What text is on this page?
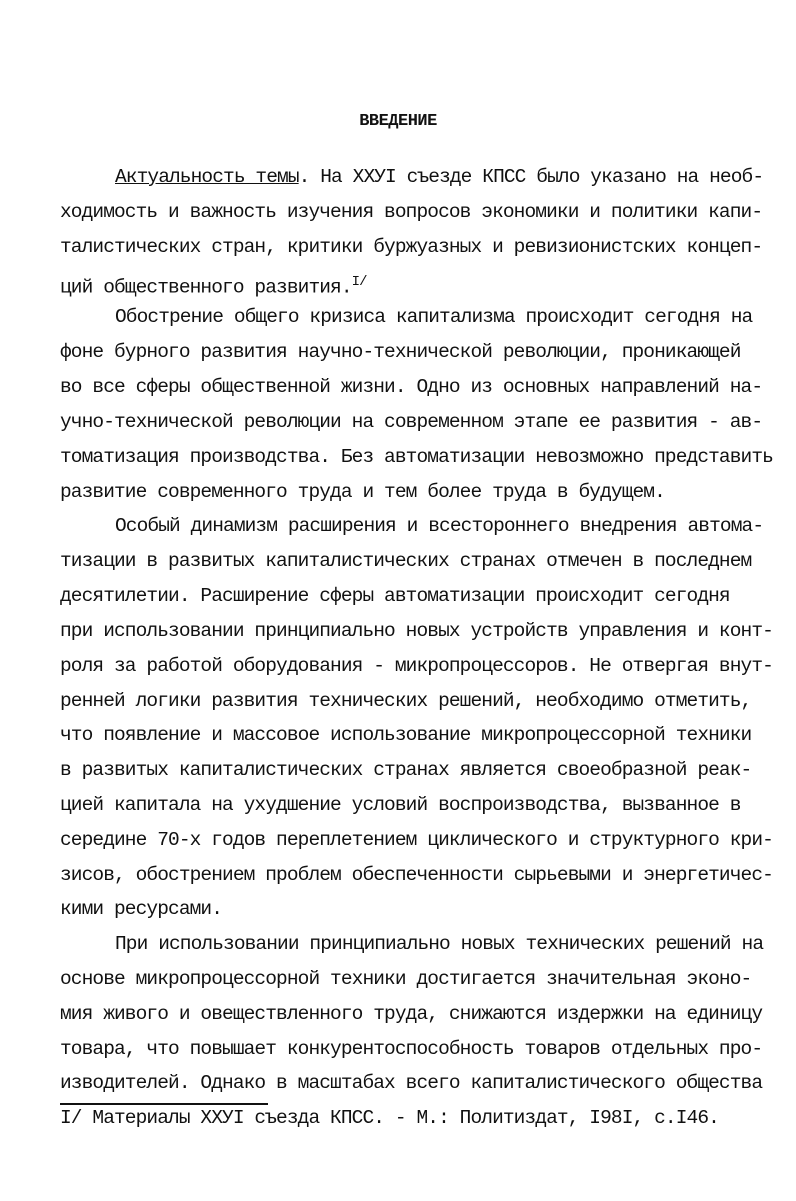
ВВЕДЕНИЕ
Актуальность темы. На ХХУI съезде КПСС было указано на необ-
ходимость и важность изучения вопросов экономики и политики капи-
талистических стран, критики буржуазных и ревизионистских концеп-
ций общественного развития.$^{I/}$
Обострение общего кризиса капитализма происходит сегодня на
фоне бурного развития научно-технической революции, проникающей
во все сферы общественной жизни. Одно из основных направлений на-
учно-технической революции на современном этапе ее развития - ав-
томатизация производства. Без автоматизации невозможно представить
развитие современного труда и тем более труда в будущем.
Особый динамизм расширения и всестороннего внедрения автома-
тизации в развитых капиталистических странах отмечен в последнем
десятилетии. Расширение сферы автоматизации происходит сегодня
при использовании принципиально новых устройств управления и конт-
роля за работой оборудования - микропроцессоров. Не отвергая внут-
ренней логики развития технических решений, необходимо отметить,
что появление и массовое использование микропроцессорной техники
в развитых капиталистических странах является своеобразной реак-
цией капитала на ухудшение условий воспроизводства, вызванное в
середине 70-х годов переплетением циклического и структурного кри-
зисов, обострением проблем обеспеченности сырьевыми и энергетичес-
кими ресурсами.
При использовании принципиально новых технических решений на
основе микропроцессорной техники достигается значительная эконо-
мия живого и овеществленного труда, снижаются издержки на единицу
товара, что повышает конкурентоспособность товаров отдельных про-
изводителей. Однако в масштабах всего капиталистического общества
I/ Материалы ХХУI съезда КПСС. - М.: Политиздат, I98I, с.I46.
